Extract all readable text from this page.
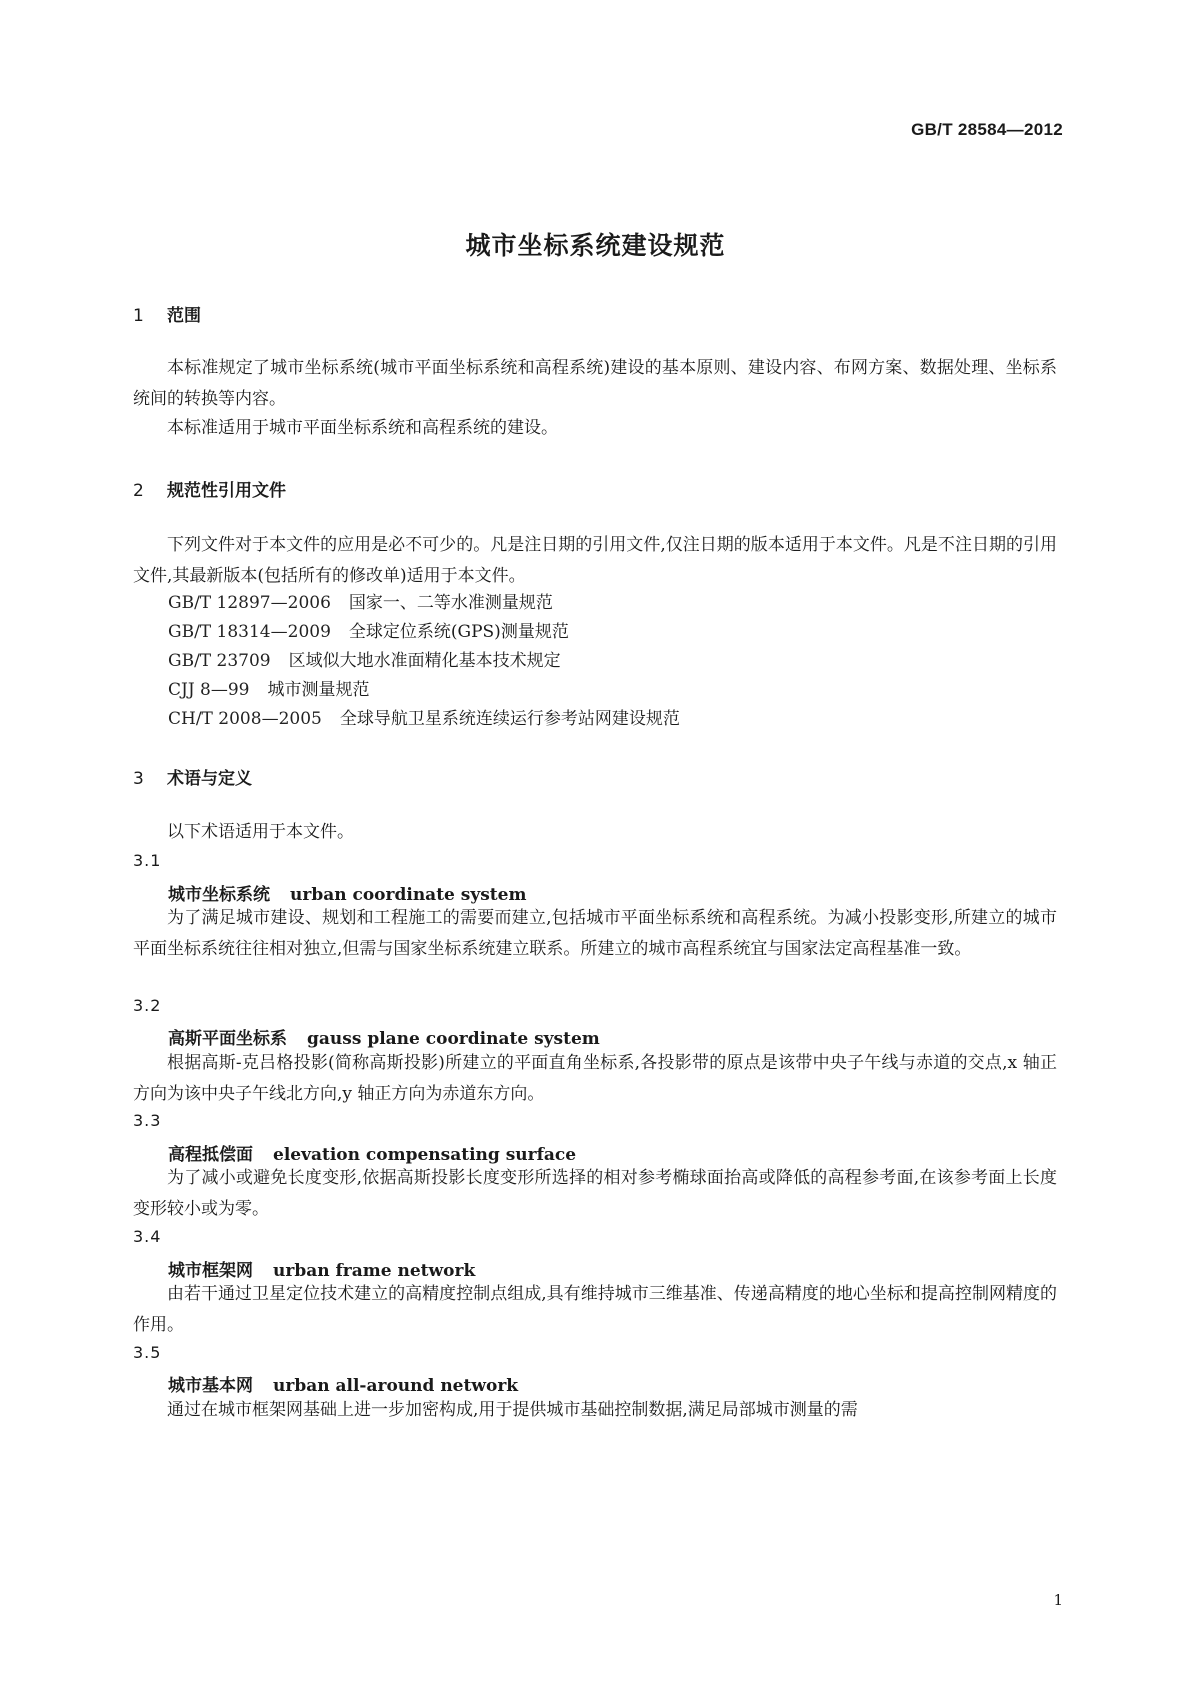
GB/T 28584—2012
城市坐标系统建设规范
1 范围
本标准规定了城市坐标系统(城市平面坐标系统和高程系统)建设的基本原则、建设内容、布网方案、数据处理、坐标系统间的转换等内容。
本标准适用于城市平面坐标系统和高程系统的建设。
2 规范性引用文件
下列文件对于本文件的应用是必不可少的。凡是注日期的引用文件,仅注日期的版本适用于本文件。凡是不注日期的引用文件,其最新版本(包括所有的修改单)适用于本文件。
GB/T 12897—2006 国家一、二等水准测量规范
GB/T 18314—2009 全球定位系统(GPS)测量规范
GB/T 23709 区域似大地水准面精化基本技术规定
CJJ 8—99 城市测量规范
CH/T 2008—2005 全球导航卫星系统连续运行参考站网建设规范
3 术语与定义
以下术语适用于本文件。
3.1
城市坐标系统 urban coordinate system
为了满足城市建设、规划和工程施工的需要而建立,包括城市平面坐标系统和高程系统。为减小投影变形,所建立的城市平面坐标系统往往相对独立,但需与国家坐标系统建立联系。所建立的城市高程系统宜与国家法定高程基准一致。
3.2
高斯平面坐标系 gauss plane coordinate system
根据高斯-克吕格投影(简称高斯投影)所建立的平面直角坐标系,各投影带的原点是该带中央子午线与赤道的交点,x 轴正方向为该中央子午线北方向,y 轴正方向为赤道东方向。
3.3
高程抵偿面 elevation compensating surface
为了减小或避免长度变形,依据高斯投影长度变形所选择的相对参考椭球面抬高或降低的高程参考面,在该参考面上长度变形较小或为零。
3.4
城市框架网 urban frame network
由若干通过卫星定位技术建立的高精度控制点组成,具有维持城市三维基准、传递高精度的地心坐标和提高控制网精度的作用。
3.5
城市基本网 urban all-around network
通过在城市框架网基础上进一步加密构成,用于提供城市基础控制数据,满足局部城市测量的需
1
